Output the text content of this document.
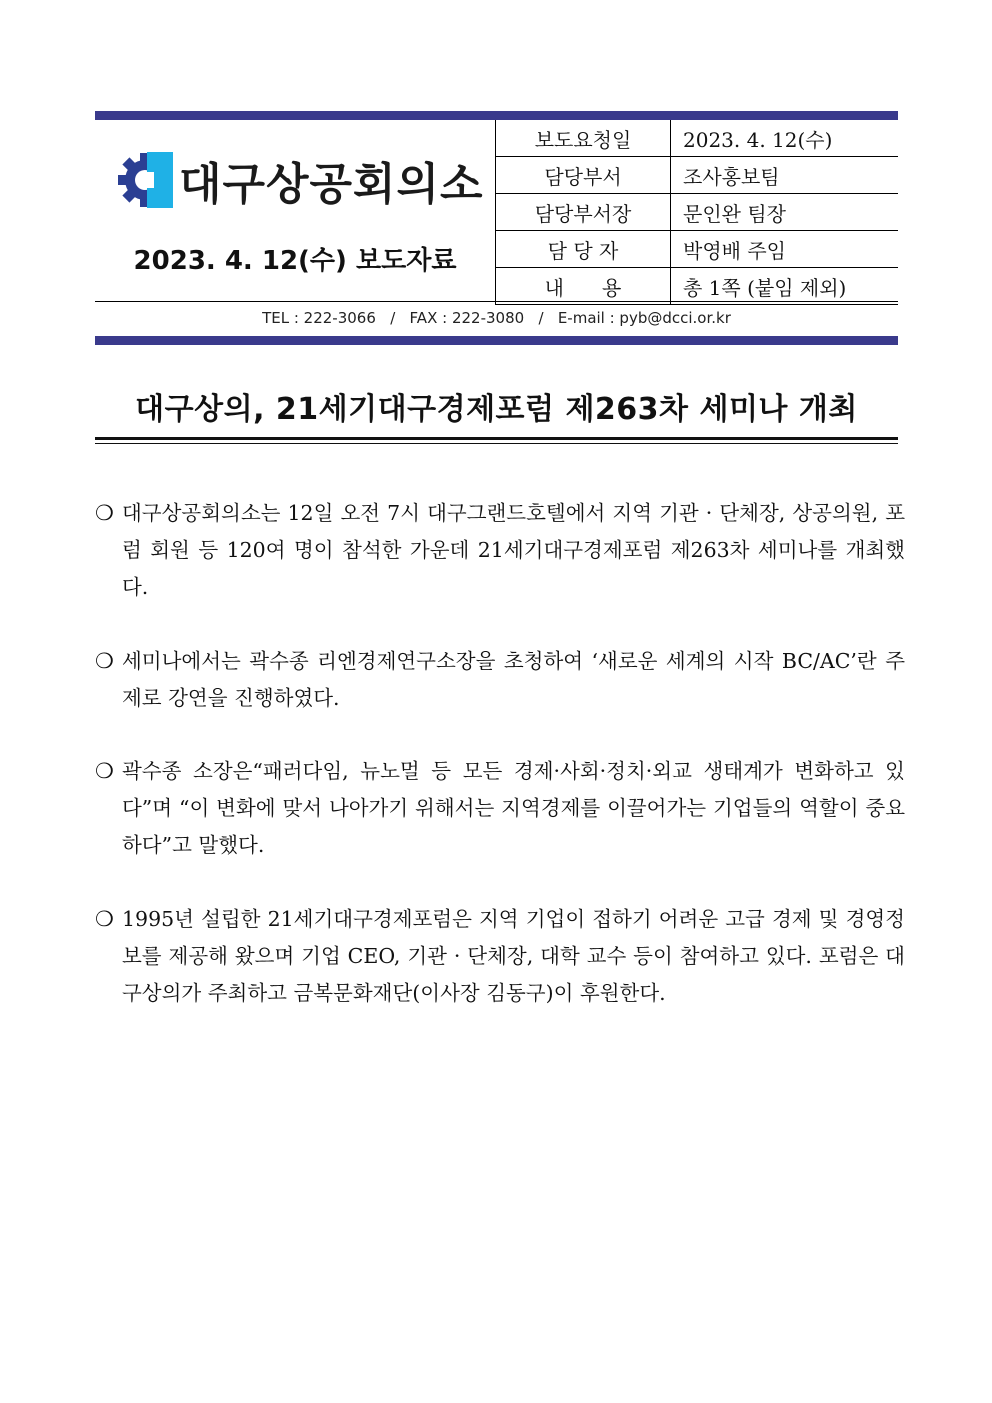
대구상공회의소
2023. 4. 12(수) 보도자료
보도요청일	2023. 4. 12(수)
담당부서	조사홍보팀
담당부서장	문인완 팀장
담 당 자	박영배 주임
내      용	총 1쪽 (붙임 제외)
TEL : 222-3066   /   FAX : 222-3080   /   E-mail : pyb@dcci.or.kr
대구상의, 21세기대구경제포럼 제263차 세미나 개최
❍ 대구상공회의소는 12일 오전 7시 대구그랜드호텔에서 지역 기관 · 단체장, 상공의원, 포럼 회원 등 120여 명이 참석한 가운데 21세기대구경제포럼 제263차 세미나를 개최했다.
❍ 세미나에서는 곽수종 리엔경제연구소장을 초청하여 ‘새로운 세계의 시작 BC/AC’란 주제로 강연을 진행하였다.
❍ 곽수종 소장은“패러다임, 뉴노멀 등 모든 경제·사회·정치·외교 생태계가 변화하고 있다”며 “이 변화에 맞서 나아가기 위해서는 지역경제를 이끌어가는 기업들의 역할이 중요하다”고 말했다.
❍ 1995년 설립한 21세기대구경제포럼은 지역 기업이 접하기 어려운 고급 경제 및 경영정보를 제공해 왔으며 기업 CEO, 기관 · 단체장, 대학 교수 등이 참여하고 있다. 포럼은 대구상의가 주최하고 금복문화재단(이사장 김동구)이 후원한다.
